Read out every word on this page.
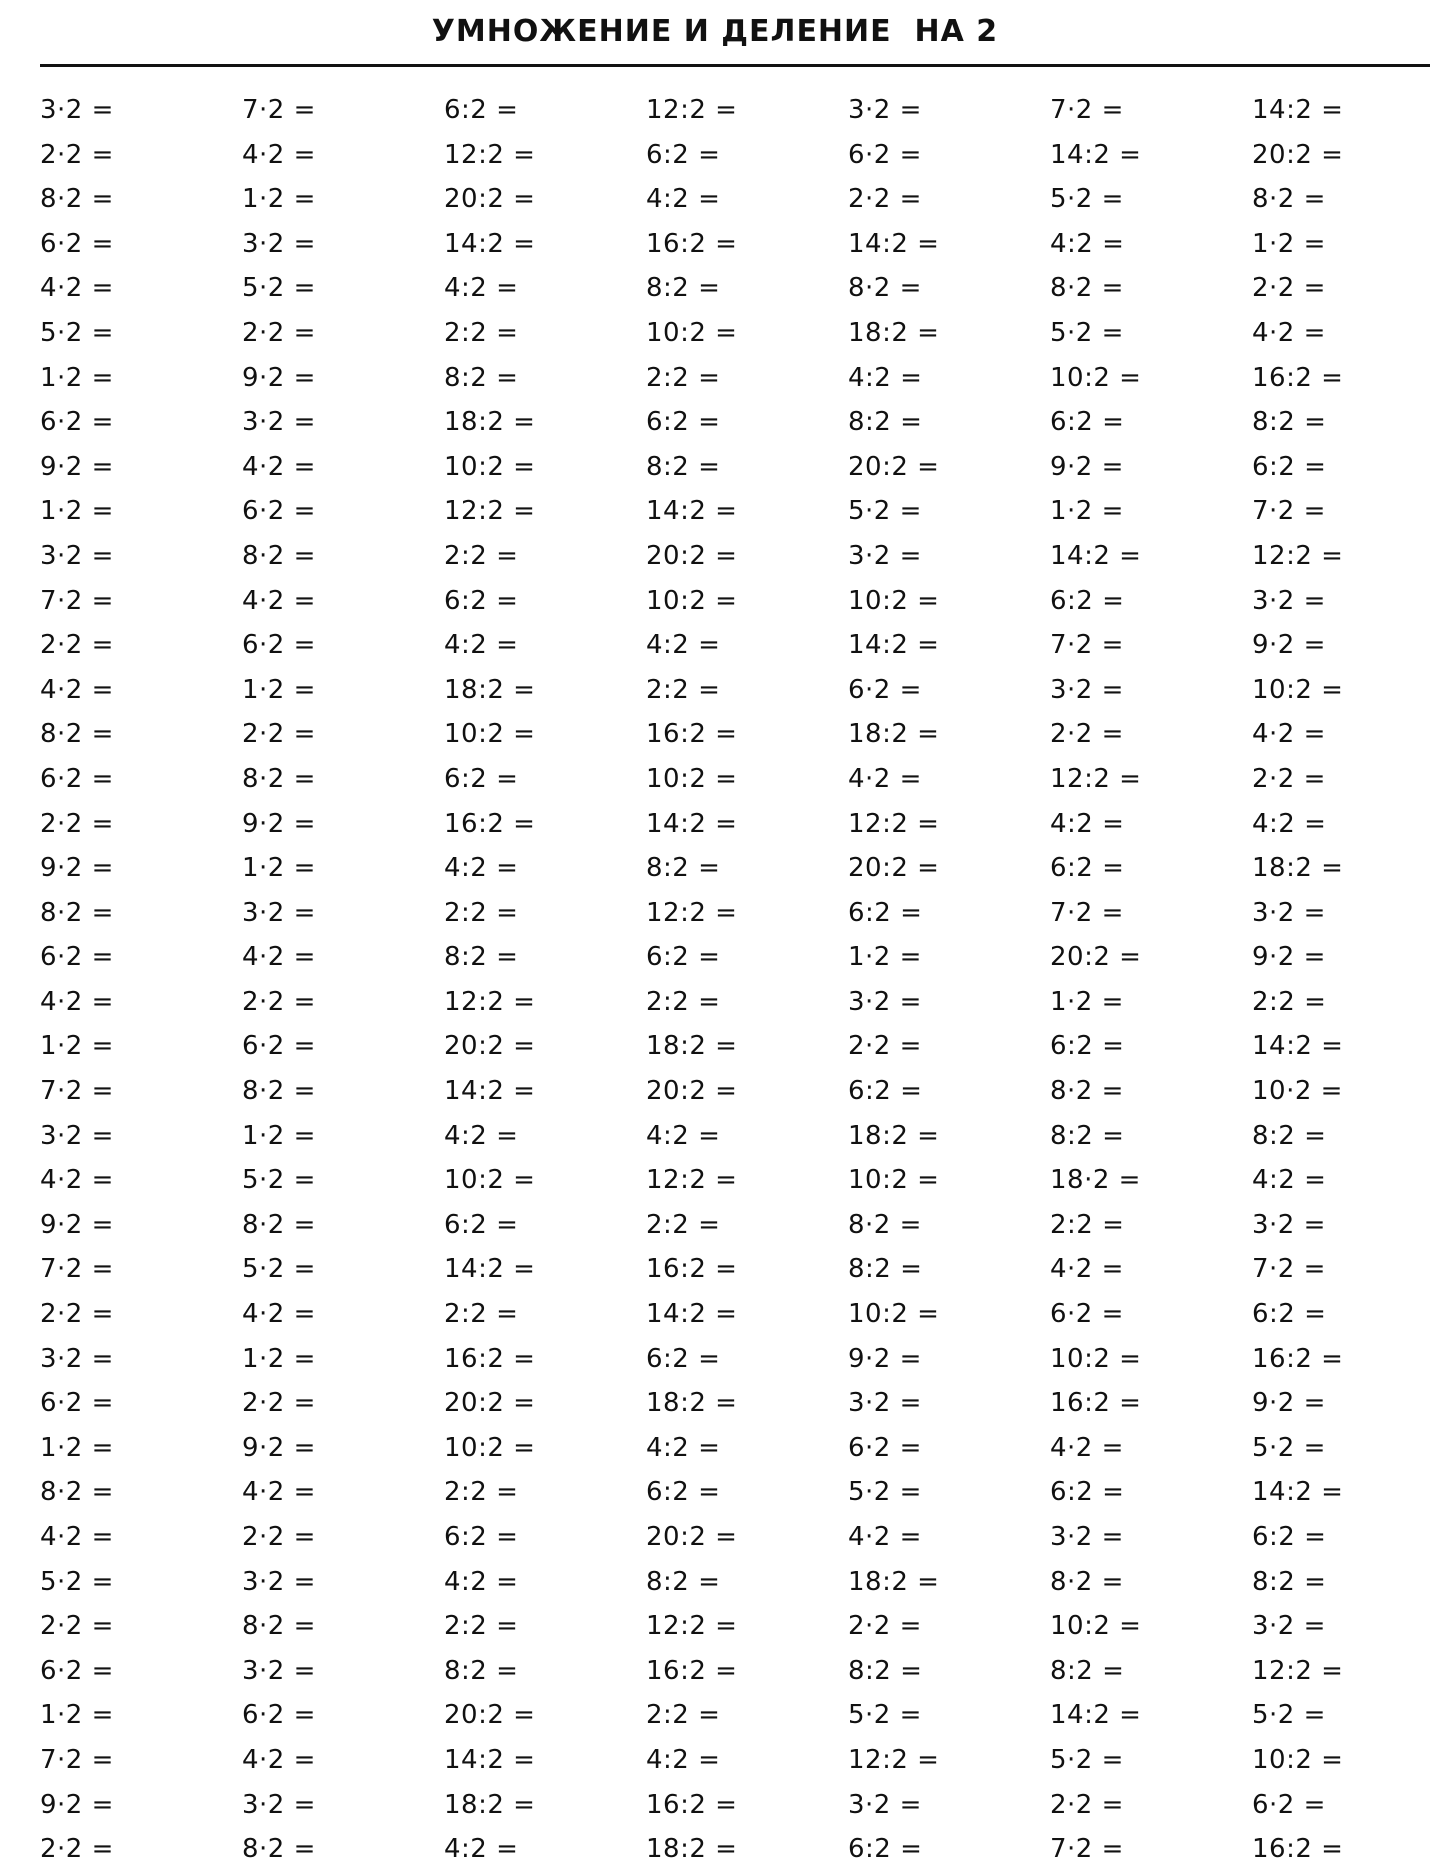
УМНОЖЕНИЕ И ДЕЛЕНИЕ  НА 2
3·2 =	7·2 =	6:2 =	12:2 =	3·2 =	7·2 =	14:2 =
2·2 =	4·2 =	12:2 =	6:2 =	6·2 =	14:2 =	20:2 =
8·2 =	1·2 =	20:2 =	4:2 =	2·2 =	5·2 =	8·2 =
6·2 =	3·2 =	14:2 =	16:2 =	14:2 =	4:2 =	1·2 =
4·2 =	5·2 =	4:2 =	8:2 =	8·2 =	8·2 =	2·2 =
5·2 =	2·2 =	2:2 =	10:2 =	18:2 =	5·2 =	4·2 =
1·2 =	9·2 =	8:2 =	2:2 =	4:2 =	10:2 =	16:2 =
6·2 =	3·2 =	18:2 =	6:2 =	8:2 =	6:2 =	8:2 =
9·2 =	4·2 =	10:2 =	8:2 =	20:2 =	9·2 =	6:2 =
1·2 =	6·2 =	12:2 =	14:2 =	5·2 =	1·2 =	7·2 =
3·2 =	8·2 =	2:2 =	20:2 =	3·2 =	14:2 =	12:2 =
7·2 =	4·2 =	6:2 =	10:2 =	10:2 =	6:2 =	3·2 =
2·2 =	6·2 =	4:2 =	4:2 =	14:2 =	7·2 =	9·2 =
4·2 =	1·2 =	18:2 =	2:2 =	6·2 =	3·2 =	10:2 =
8·2 =	2·2 =	10:2 =	16:2 =	18:2 =	2·2 =	4·2 =
6·2 =	8·2 =	6:2 =	10:2 =	4·2 =	12:2 =	2·2 =
2·2 =	9·2 =	16:2 =	14:2 =	12:2 =	4:2 =	4:2 =
9·2 =	1·2 =	4:2 =	8:2 =	20:2 =	6:2 =	18:2 =
8·2 =	3·2 =	2:2 =	12:2 =	6:2 =	7·2 =	3·2 =
6·2 =	4·2 =	8:2 =	6:2 =	1·2 =	20:2 =	9·2 =
4·2 =	2·2 =	12:2 =	2:2 =	3·2 =	1·2 =	2:2 =
1·2 =	6·2 =	20:2 =	18:2 =	2·2 =	6:2 =	14:2 =
7·2 =	8·2 =	14:2 =	20:2 =	6:2 =	8·2 =	10·2 =
3·2 =	1·2 =	4:2 =	4:2 =	18:2 =	8:2 =	8:2 =
4·2 =	5·2 =	10:2 =	12:2 =	10:2 =	18·2 =	4:2 =
9·2 =	8·2 =	6:2 =	2:2 =	8·2 =	2:2 =	3·2 =
7·2 =	5·2 =	14:2 =	16:2 =	8:2 =	4·2 =	7·2 =
2·2 =	4·2 =	2:2 =	14:2 =	10:2 =	6·2 =	6:2 =
3·2 =	1·2 =	16:2 =	6:2 =	9·2 =	10:2 =	16:2 =
6·2 =	2·2 =	20:2 =	18:2 =	3·2 =	16:2 =	9·2 =
1·2 =	9·2 =	10:2 =	4:2 =	6·2 =	4·2 =	5·2 =
8·2 =	4·2 =	2:2 =	6:2 =	5·2 =	6:2 =	14:2 =
4·2 =	2·2 =	6:2 =	20:2 =	4·2 =	3·2 =	6:2 =
5·2 =	3·2 =	4:2 =	8:2 =	18:2 =	8·2 =	8:2 =
2·2 =	8·2 =	2:2 =	12:2 =	2·2 =	10:2 =	3·2 =
6·2 =	3·2 =	8:2 =	16:2 =	8:2 =	8:2 =	12:2 =
1·2 =	6·2 =	20:2 =	2:2 =	5·2 =	14:2 =	5·2 =
7·2 =	4·2 =	14:2 =	4:2 =	12:2 =	5·2 =	10:2 =
9·2 =	3·2 =	18:2 =	16:2 =	3·2 =	2·2 =	6·2 =
2·2 =	8·2 =	4:2 =	18:2 =	6:2 =	7·2 =	16:2 =
